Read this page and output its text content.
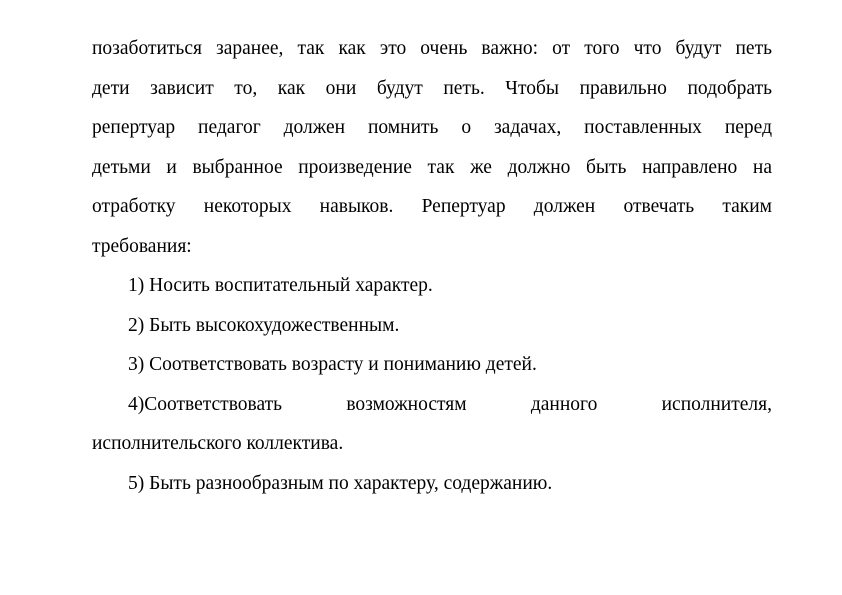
позаботиться заранее, так как это очень важно: от того что будут петь
дети зависит то, как они будут петь. Чтобы правильно подобрать
репертуар педагог должен помнить о задачах, поставленных перед
детьми и выбранное произведение так же должно быть направлено на
отработку некоторых навыков. Репертуар должен отвечать таким
требования:
1) Носить воспитательный характер.
2) Быть высокохудожественным.
3) Соответствовать возрасту и пониманию детей.
4)Соответствовать возможностям данного исполнителя,
исполнительского коллектива.
5) Быть разнообразным по характеру, содержанию.
